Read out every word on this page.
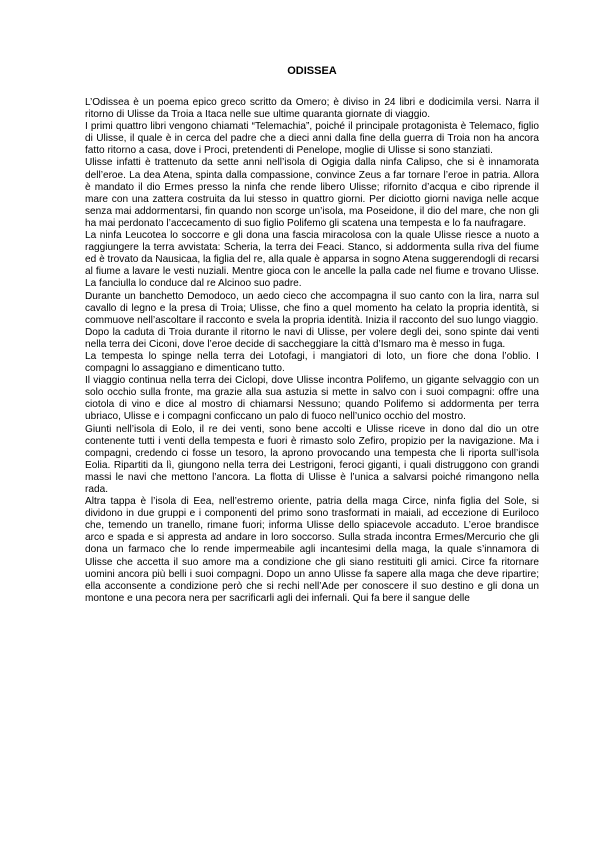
ODISSEA

L’Odissea è un poema epico greco scritto da Omero; è diviso in 24 libri e dodicimila versi. Narra il ritorno di Ulisse da Troia a Itaca nelle sue ultime quaranta giornate di viaggio.

I primi quattro libri vengono chiamati “Telemachia”, poiché il principale protagonista è Telemaco, figlio di Ulisse, il quale è in cerca del padre che a dieci anni dalla fine della guerra di Troia non ha ancora fatto ritorno a casa, dove i Proci, pretendenti di Penelope, moglie di Ulisse si sono stanziati.

Ulisse infatti è trattenuto da sette anni nell’isola di Ogigia dalla ninfa Calipso, che si è innamorata dell’eroe. La dea Atena, spinta dalla compassione, convince Zeus a far tornare l’eroe in patria. Allora è mandato il dio Ermes presso la ninfa che rende libero Ulisse; rifornito d’acqua e cibo riprende il mare con una zattera costruita da lui stesso in quattro giorni. Per diciotto giorni naviga nelle acque senza mai addormentarsi, fin quando non scorge un’isola, ma Poseidone, il dio del mare, che non gli ha mai perdonato l’accecamento di suo figlio Polifemo gli scatena una tempesta e lo fa naufragare.

La ninfa Leucotea lo soccorre e gli dona una fascia miracolosa con la quale Ulisse riesce a nuoto a raggiungere la terra avvistata: Scheria, la terra dei Feaci. Stanco, si addormenta sulla riva del fiume ed è trovato da Nausicaa, la figlia del re, alla quale è apparsa in sogno Atena suggerendogli di recarsi al fiume a lavare le vesti nuziali. Mentre gioca con le ancelle la palla cade nel fiume e trovano Ulisse. La fanciulla lo conduce dal re Alcinoo suo padre.

Durante un banchetto Demodoco, un aedo cieco che accompagna il suo canto con la lira, narra sul cavallo di legno e la presa di Troia; Ulisse, che fino a quel momento ha celato la propria identità, si commuove nell’ascoltare il racconto e svela la propria identità. Inizia il racconto del suo lungo viaggio.

Dopo la caduta di Troia durante il ritorno le navi di Ulisse, per volere degli dei, sono spinte dai venti nella terra dei Ciconi, dove l’eroe decide di saccheggiare la città d’Ismaro ma è messo in fuga.

La tempesta lo spinge nella terra dei Lotofagi, i mangiatori di loto, un fiore che dona l’oblio. I compagni lo assaggiano e dimenticano tutto.

Il viaggio continua nella terra dei Ciclopi, dove Ulisse incontra Polifemo, un gigante selvaggio con un solo occhio sulla fronte, ma grazie alla sua astuzia si mette in salvo con i suoi compagni: offre una ciotola di vino e dice al mostro di chiamarsi Nessuno; quando Polifemo si addormenta per terra ubriaco, Ulisse e i compagni conficcano un palo di fuoco nell’unico occhio del mostro.

Giunti nell’isola di Eolo, il re dei venti, sono bene accolti e Ulisse riceve in dono dal dio un otre contenente tutti i venti della tempesta e fuori è rimasto solo Zefiro, propizio per la navigazione. Ma i compagni, credendo ci fosse un tesoro, la aprono provocando una tempesta che li riporta sull’isola Eolia. Ripartiti da lì, giungono nella terra dei Lestrigoni, feroci giganti, i quali distruggono con grandi massi le navi che mettono l’ancora. La flotta di Ulisse è l’unica a salvarsi poiché rimangono nella rada.

Altra tappa è l’isola di Eea, nell’estremo oriente, patria della maga Circe, ninfa figlia del Sole, si dividono in due gruppi e i componenti del primo sono trasformati in maiali, ad eccezione di Euriloco che, temendo un tranello, rimane fuori; informa Ulisse dello spiacevole accaduto. L’eroe brandisce arco e spada e si appresta ad andare in loro soccorso. Sulla strada incontra Ermes/Mercurio che gli dona un farmaco che lo rende impermeabile agli incantesimi della maga, la quale s’innamora di Ulisse che accetta il suo amore ma a condizione che gli siano restituiti gli amici. Circe fa ritornare uomini ancora più belli i suoi compagni. Dopo un anno Ulisse fa sapere alla maga che deve ripartire; ella acconsente a condizione però che si rechi nell’Ade per conoscere il suo destino e gli dona un montone e una pecora nera per sacrificarli agli dei infernali. Qui fa bere il sangue delle
